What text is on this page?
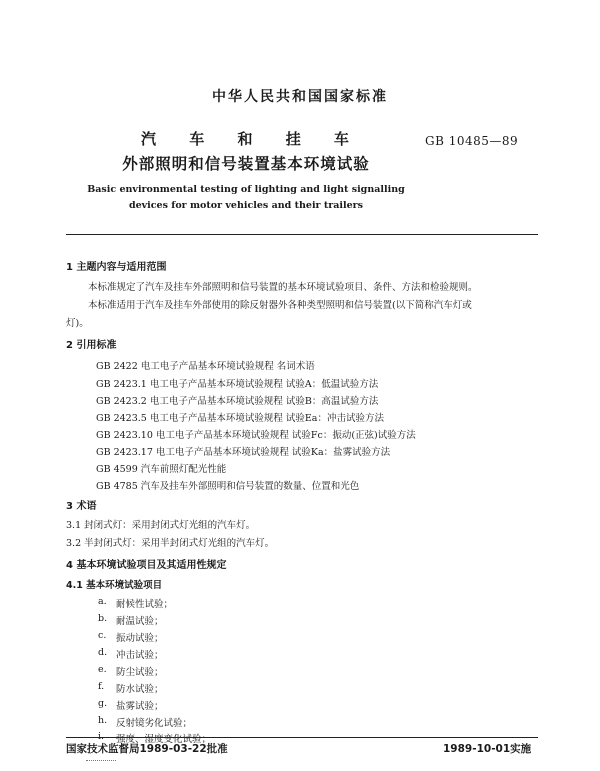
中华人民共和国国家标准
汽 车 和 挂 车	GB 10485—89
外部照明和信号装置基本环境试验
Basic environmental testing of lighting and light signalling
devices for motor vehicles and their trailers
1 主题内容与适用范围
本标准规定了汽车及挂车外部照明和信号装置的基本环境试验项目、条件、方法和检验规则。
本标准适用于汽车及挂车外部使用的除反射器外各种类型照明和信号装置(以下简称汽车灯或
灯)。
2 引用标准
GB 2422 电工电子产品基本环境试验规程 名词术语
GB 2423.1 电工电子产品基本环境试验规程 试验A：低温试验方法
GB 2423.2 电工电子产品基本环境试验规程 试验B：高温试验方法
GB 2423.5 电工电子产品基本环境试验规程 试验Ea：冲击试验方法
GB 2423.10 电工电子产品基本环境试验规程 试验Fc：振动(正弦)试验方法
GB 2423.17 电工电子产品基本环境试验规程 试验Ka：盐雾试验方法
GB 4599 汽车前照灯配光性能
GB 4785 汽车及挂车外部照明和信号装置的数量、位置和光色
3 术语
3.1 封闭式灯：采用封闭式灯光组的汽车灯。
3.2 半封闭式灯：采用半封闭式灯光组的汽车灯。
4 基本环境试验项目及其适用性规定
4.1 基本环境试验项目
a. 耐候性试验；
b. 耐温试验；
c. 振动试验；
d. 冲击试验；
e. 防尘试验；
f. 防水试验；
g. 盐雾试验；
h. 反射镜劣化试验；
i. 强度、湿度变化试验；
国家技术监督局1989-03-22批准	1989-10-01实施
